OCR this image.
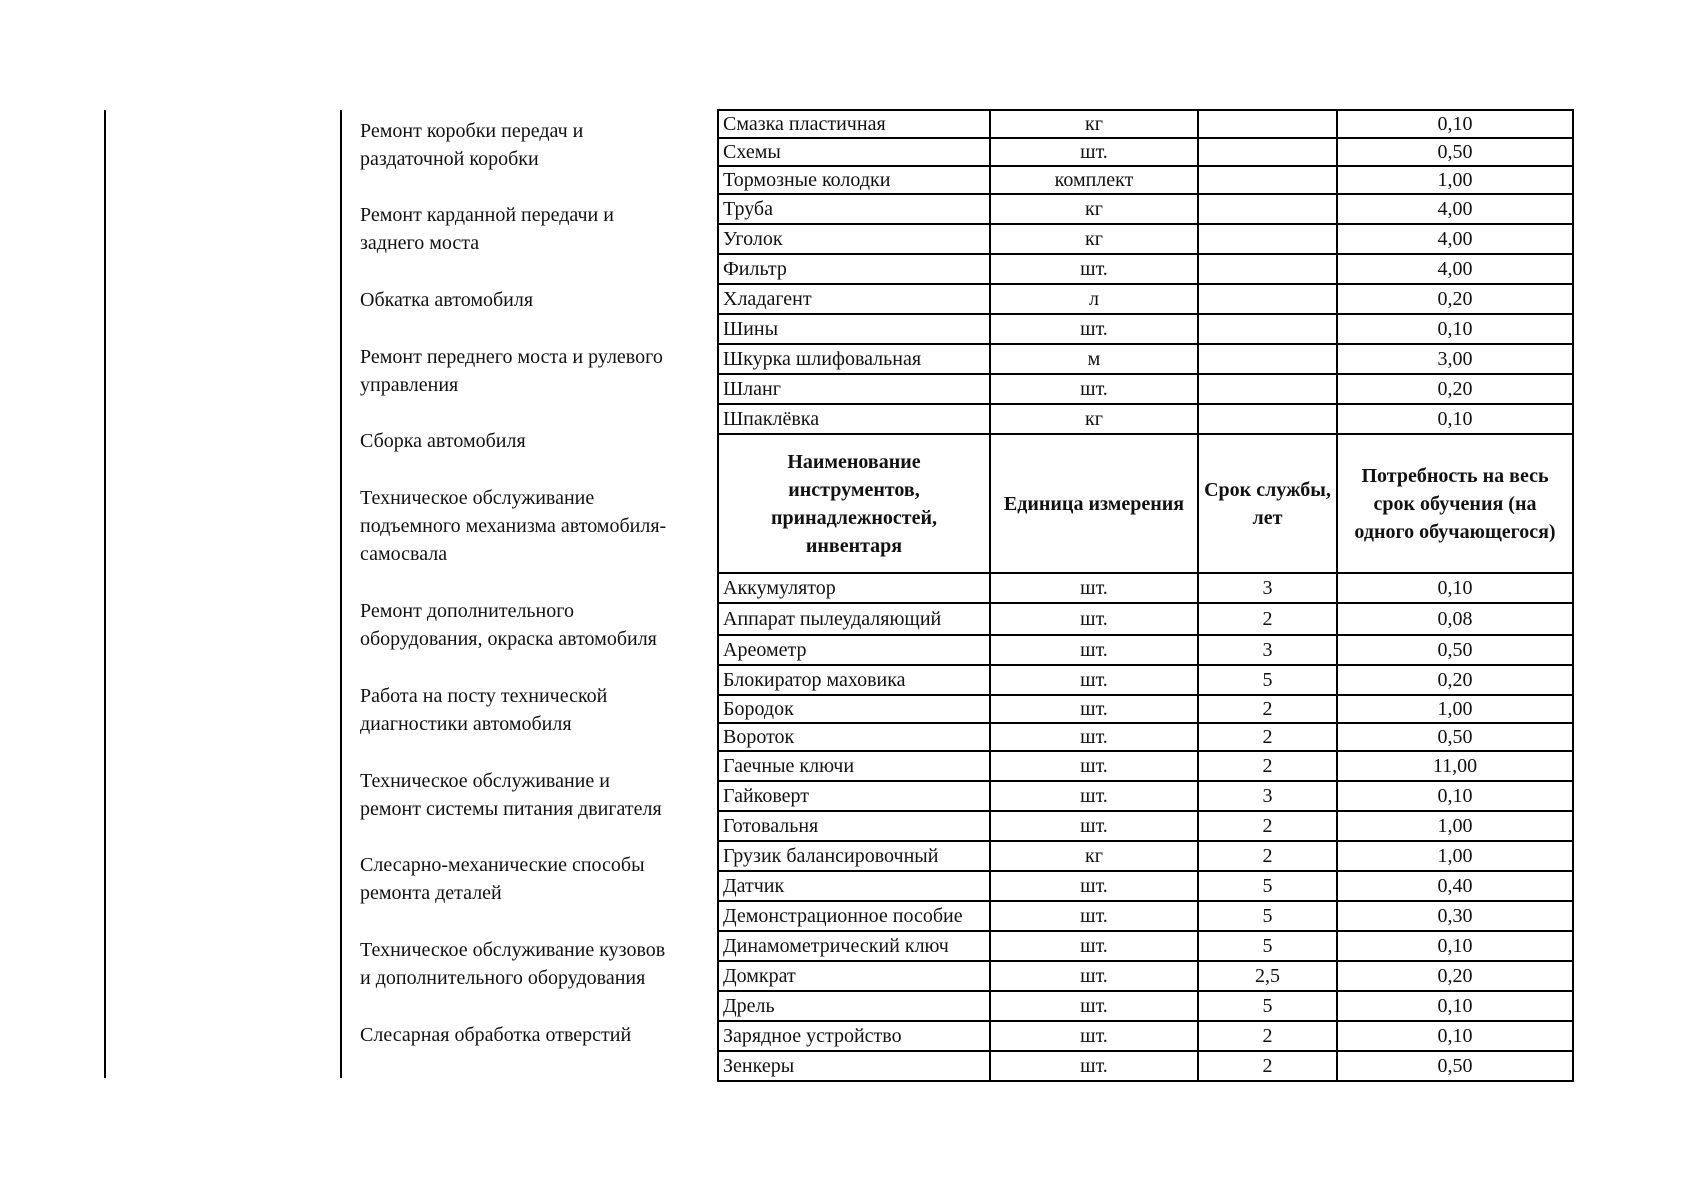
Ремонт коробки передач и
раздаточной коробки
Ремонт карданной передачи и
заднего моста
Обкатка автомобиля
Ремонт переднего моста и рулевого
управления
Сборка автомобиля
Техническое обслуживание
подъемного механизма автомобиля-
самосвала
Ремонт дополнительного
оборудования, окраска автомобиля
Работа на посту технической
диагностики автомобиля
Техническое обслуживание и
ремонт системы питания двигателя
Слесарно-механические способы
ремонта деталей
Техническое обслуживание кузовов
и дополнительного оборудования
Слесарная обработка отверстий
Смазка пластичная	кг		0,10
Схемы	шт.		0,50
Тормозные колодки	комплект		1,00
Труба	кг		4,00
Уголок	кг		4,00
Фильтр	шт.		4,00
Хладагент	л		0,20
Шины	шт.		0,10
Шкурка шлифовальная	м		3,00
Шланг	шт.		0,20
Шпаклёвка	кг		0,10
Наименование инструментов, принадлежностей, инвентаря	Единица измерения	Срок службы, лет	Потребность на весь срок обучения (на одного обучающегося)
Аккумулятор	шт.	3	0,10
Аппарат пылеудаляющий	шт.	2	0,08
Ареометр	шт.	3	0,50
Блокиратор маховика	шт.	5	0,20
Бородок	шт.	2	1,00
Вороток	шт.	2	0,50
Гаечные ключи	шт.	2	11,00
Гайковерт	шт.	3	0,10
Готовальня	шт.	2	1,00
Грузик балансировочный	кг	2	1,00
Датчик	шт.	5	0,40
Демонстрационное пособие	шт.	5	0,30
Динамометрический ключ	шт.	5	0,10
Домкрат	шт.	2,5	0,20
Дрель	шт.	5	0,10
Зарядное устройство	шт.	2	0,10
Зенкеры	шт.	2	0,50
